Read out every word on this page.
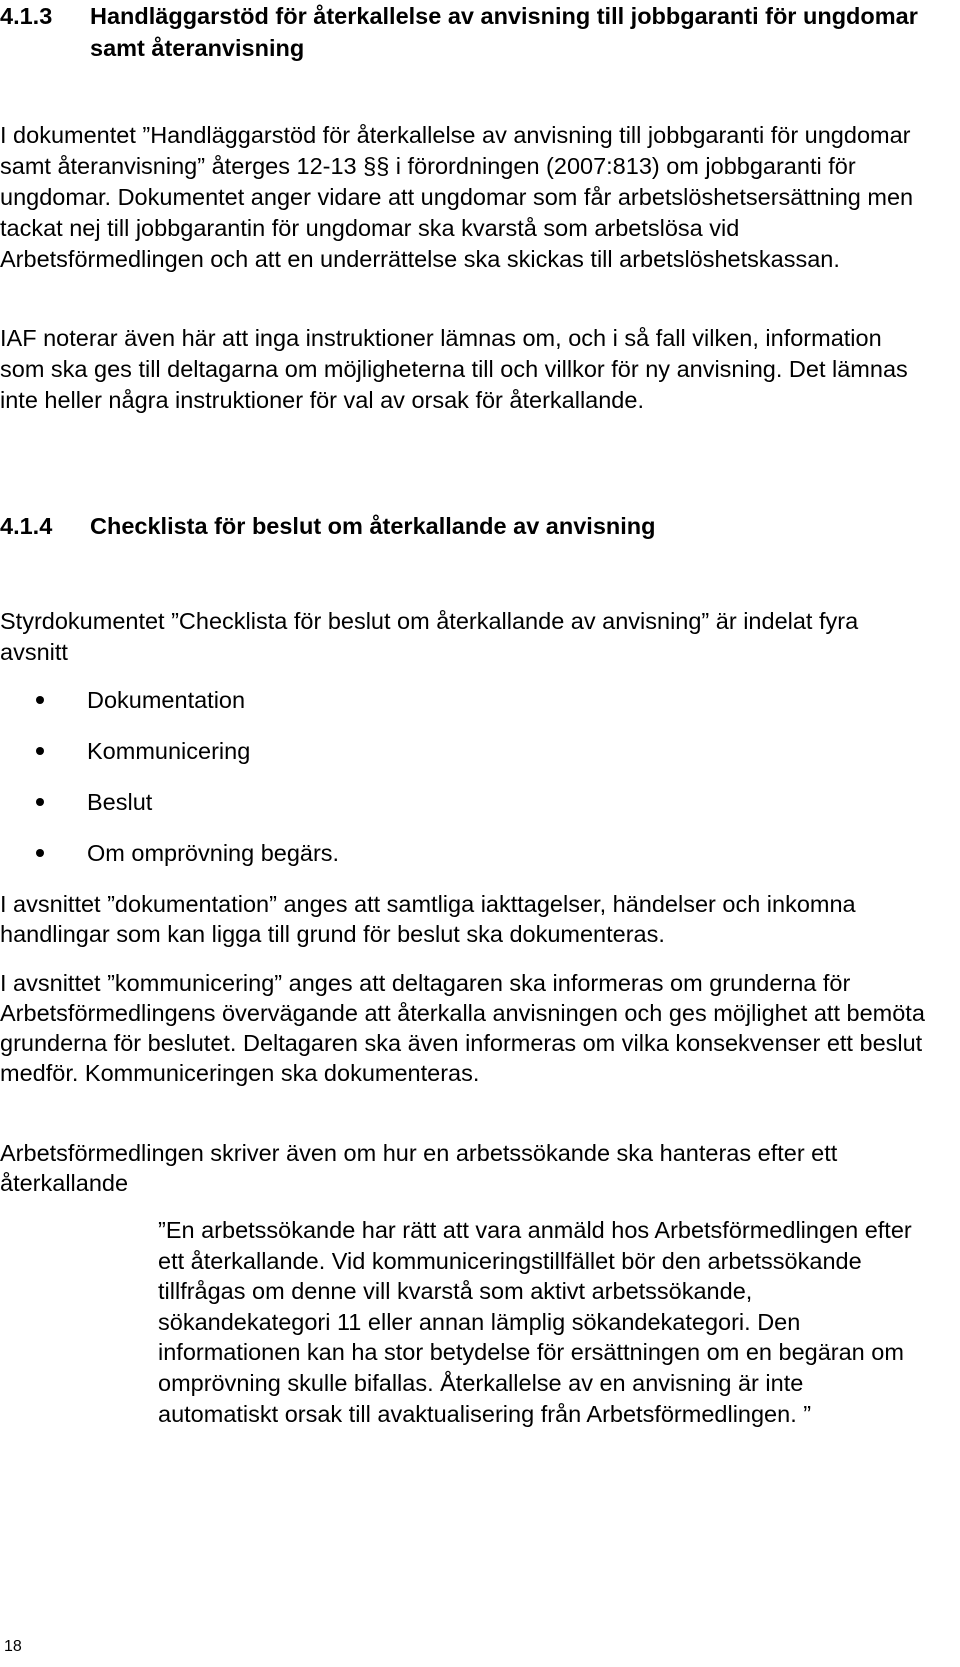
4.1.3 Handläggarstöd för återkallelse av anvisning till jobbgaranti för ungdomar samt återanvisning

I dokumentet ”Handläggarstöd för återkallelse av anvisning till jobbgaranti för ungdomar samt återanvisning” återges 12-13 §§ i förordningen (2007:813) om jobbgaranti för ungdomar. Dokumentet anger vidare att ungdomar som får arbetslöshetsersättning men tackat nej till jobbgarantin för ungdomar ska kvarstå som arbetslösa vid Arbetsförmedlingen och att en underrättelse ska skickas till arbetslöshetskassan.

IAF noterar även här att inga instruktioner lämnas om, och i så fall vilken, information som ska ges till deltagarna om möjligheterna till och villkor för ny anvisning. Det lämnas inte heller några instruktioner för val av orsak för återkallande.

4.1.4 Checklista för beslut om återkallande av anvisning

Styrdokumentet ”Checklista för beslut om återkallande av anvisning” är indelat fyra avsnitt

Dokumentation
Kommunicering
Beslut
Om omprövning begärs.

I avsnittet ”dokumentation” anges att samtliga iakttagelser, händelser och inkomna handlingar som kan ligga till grund för beslut ska dokumenteras.

I avsnittet ”kommunicering” anges att deltagaren ska informeras om grunderna för Arbetsförmedlingens övervägande att återkalla anvisningen och ges möjlighet att bemöta grunderna för beslutet. Deltagaren ska även informeras om vilka konsekvenser ett beslut medför. Kommuniceringen ska dokumenteras.

Arbetsförmedlingen skriver även om hur en arbetssökande ska hanteras efter ett återkallande

”En arbetssökande har rätt att vara anmäld hos Arbetsförmedlingen efter ett återkallande. Vid kommuniceringstillfället bör den arbetssökande tillfrågas om denne vill kvarstå som aktivt arbetssökande, sökandekategori 11 eller annan lämplig sökandekategori. Den informationen kan ha stor betydelse för ersättningen om en begäran om omprövning skulle bifallas. Återkallelse av en anvisning är inte automatiskt orsak till avaktualisering från Arbetsförmedlingen. ”

18
